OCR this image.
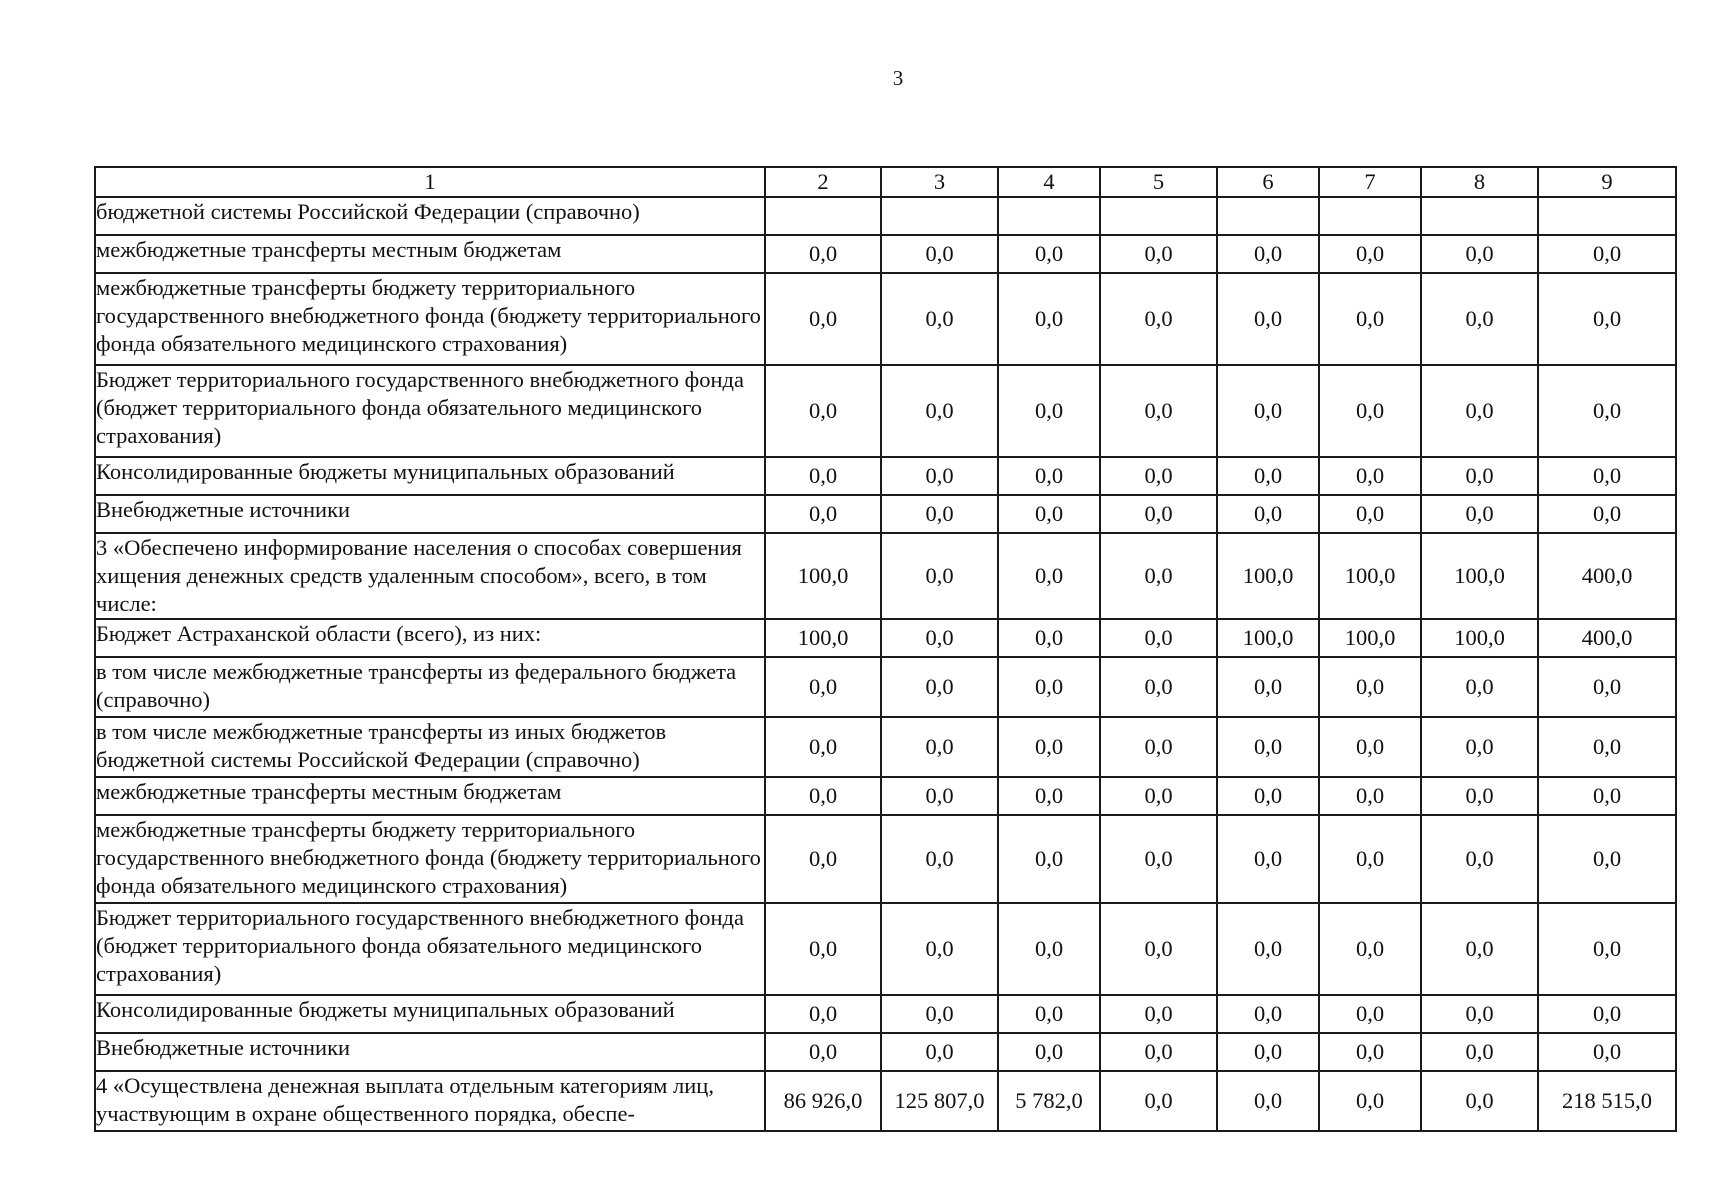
3
1	2	3	4	5	6	7	8	9
бюджетной системы Российской Федерации (справочно)								
межбюджетные трансферты местным бюджетам	0,0	0,0	0,0	0,0	0,0	0,0	0,0	0,0
межбюджетные трансферты бюджету территориального государственного внебюджетного фонда (бюджету территориального фонда обязательного медицинского страхования)	0,0	0,0	0,0	0,0	0,0	0,0	0,0	0,0
Бюджет территориального государственного внебюджетного фонда (бюджет территориального фонда обязательного медицинского страхования)	0,0	0,0	0,0	0,0	0,0	0,0	0,0	0,0
Консолидированные бюджеты муниципальных образований	0,0	0,0	0,0	0,0	0,0	0,0	0,0	0,0
Внебюджетные источники	0,0	0,0	0,0	0,0	0,0	0,0	0,0	0,0
3 «Обеспечено информирование населения о способах совершения хищения денежных средств удаленным способом», всего, в том числе:	100,0	0,0	0,0	0,0	100,0	100,0	100,0	400,0
Бюджет Астраханской области (всего), из них:	100,0	0,0	0,0	0,0	100,0	100,0	100,0	400,0
в том числе межбюджетные трансферты из федерального бюджета (справочно)	0,0	0,0	0,0	0,0	0,0	0,0	0,0	0,0
в том числе межбюджетные трансферты из иных бюджетов бюджетной системы Российской Федерации (справочно)	0,0	0,0	0,0	0,0	0,0	0,0	0,0	0,0
межбюджетные трансферты местным бюджетам	0,0	0,0	0,0	0,0	0,0	0,0	0,0	0,0
межбюджетные трансферты бюджету территориального государственного внебюджетного фонда (бюджету территориального фонда обязательного медицинского страхования)	0,0	0,0	0,0	0,0	0,0	0,0	0,0	0,0
Бюджет территориального государственного внебюджетного фонда (бюджет территориального фонда обязательного медицинского страхования)	0,0	0,0	0,0	0,0	0,0	0,0	0,0	0,0
Консолидированные бюджеты муниципальных образований	0,0	0,0	0,0	0,0	0,0	0,0	0,0	0,0
Внебюджетные источники	0,0	0,0	0,0	0,0	0,0	0,0	0,0	0,0
4 «Осуществлена денежная выплата отдельным категориям лиц, участвующим в охране общественного порядка, обеспе-	86 926,0	125 807,0	5 782,0	0,0	0,0	0,0	0,0	218 515,0
